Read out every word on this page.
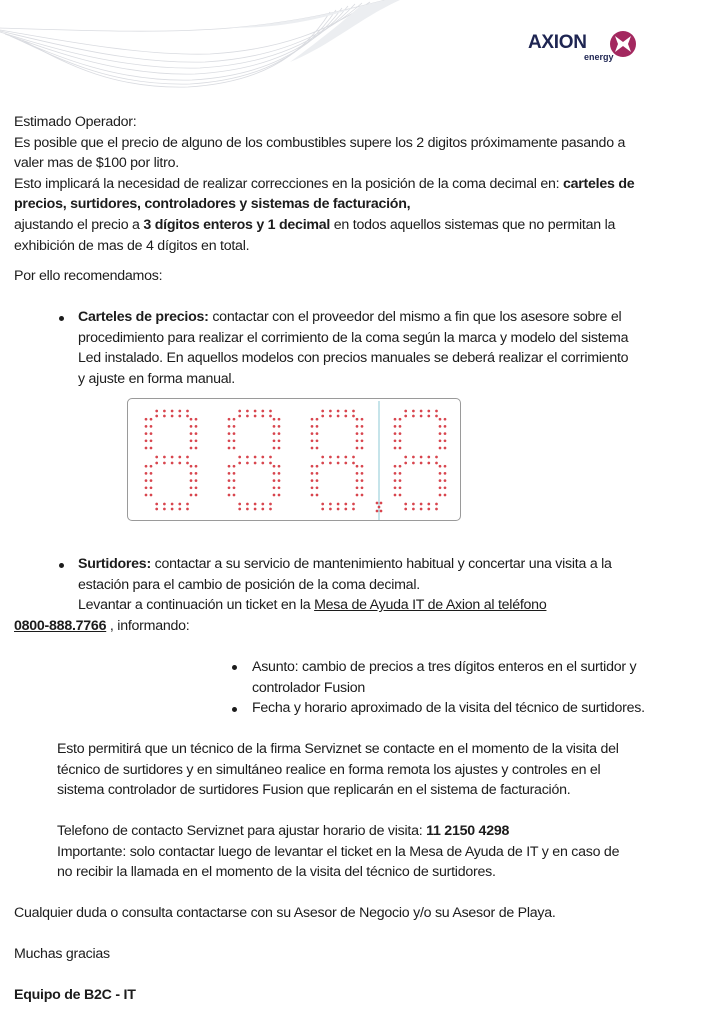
AXION
energy
Estimado Operador:
Es posible que el precio de alguno de los combustibles supere los 2 digitos próximamente pasando a
valer mas de $100 por litro.
Esto implicará la necesidad de realizar correcciones en la posición de la coma decimal en: carteles de
precios, surtidores, controladores y sistemas de facturación,
ajustando el precio a 3 dígitos enteros y 1 decimal en todos aquellos sistemas que no permitan la
exhibición de mas de 4 dígitos en total.
Por ello recomendamos:
Carteles de precios: contactar con el proveedor del mismo a fin que los asesore sobre el
procedimiento para realizar el corrimiento de la coma según la marca y modelo del sistema
Led instalado. En aquellos modelos con precios manuales se deberá realizar el corrimiento
y ajuste en forma manual.
Surtidores: contactar a su servicio de mantenimiento habitual y concertar una visita a la
estación para el cambio de posición de la coma decimal.
Levantar a continuación un ticket en la Mesa de Ayuda IT de Axion al teléfono
0800-888.7766 , informando:
Asunto: cambio de precios a tres dígitos enteros en el surtidor y
controlador Fusion
Fecha y horario aproximado de la visita del técnico de surtidores.
Esto permitirá que un técnico de la firma Serviznet se contacte en el momento de la visita del
técnico de surtidores y en simultáneo realice en forma remota los ajustes y controles en el
sistema controlador de surtidores Fusion que replicarán en el sistema de facturación.
Telefono de contacto Serviznet para ajustar horario de visita: 11 2150 4298
Importante: solo contactar luego de levantar el ticket en la Mesa de Ayuda de IT y en caso de
no recibir la llamada en el momento de la visita del técnico de surtidores.
Cualquier duda o consulta contactarse con su Asesor de Negocio y/o su Asesor de Playa.
Muchas gracias
Equipo de B2C - IT
